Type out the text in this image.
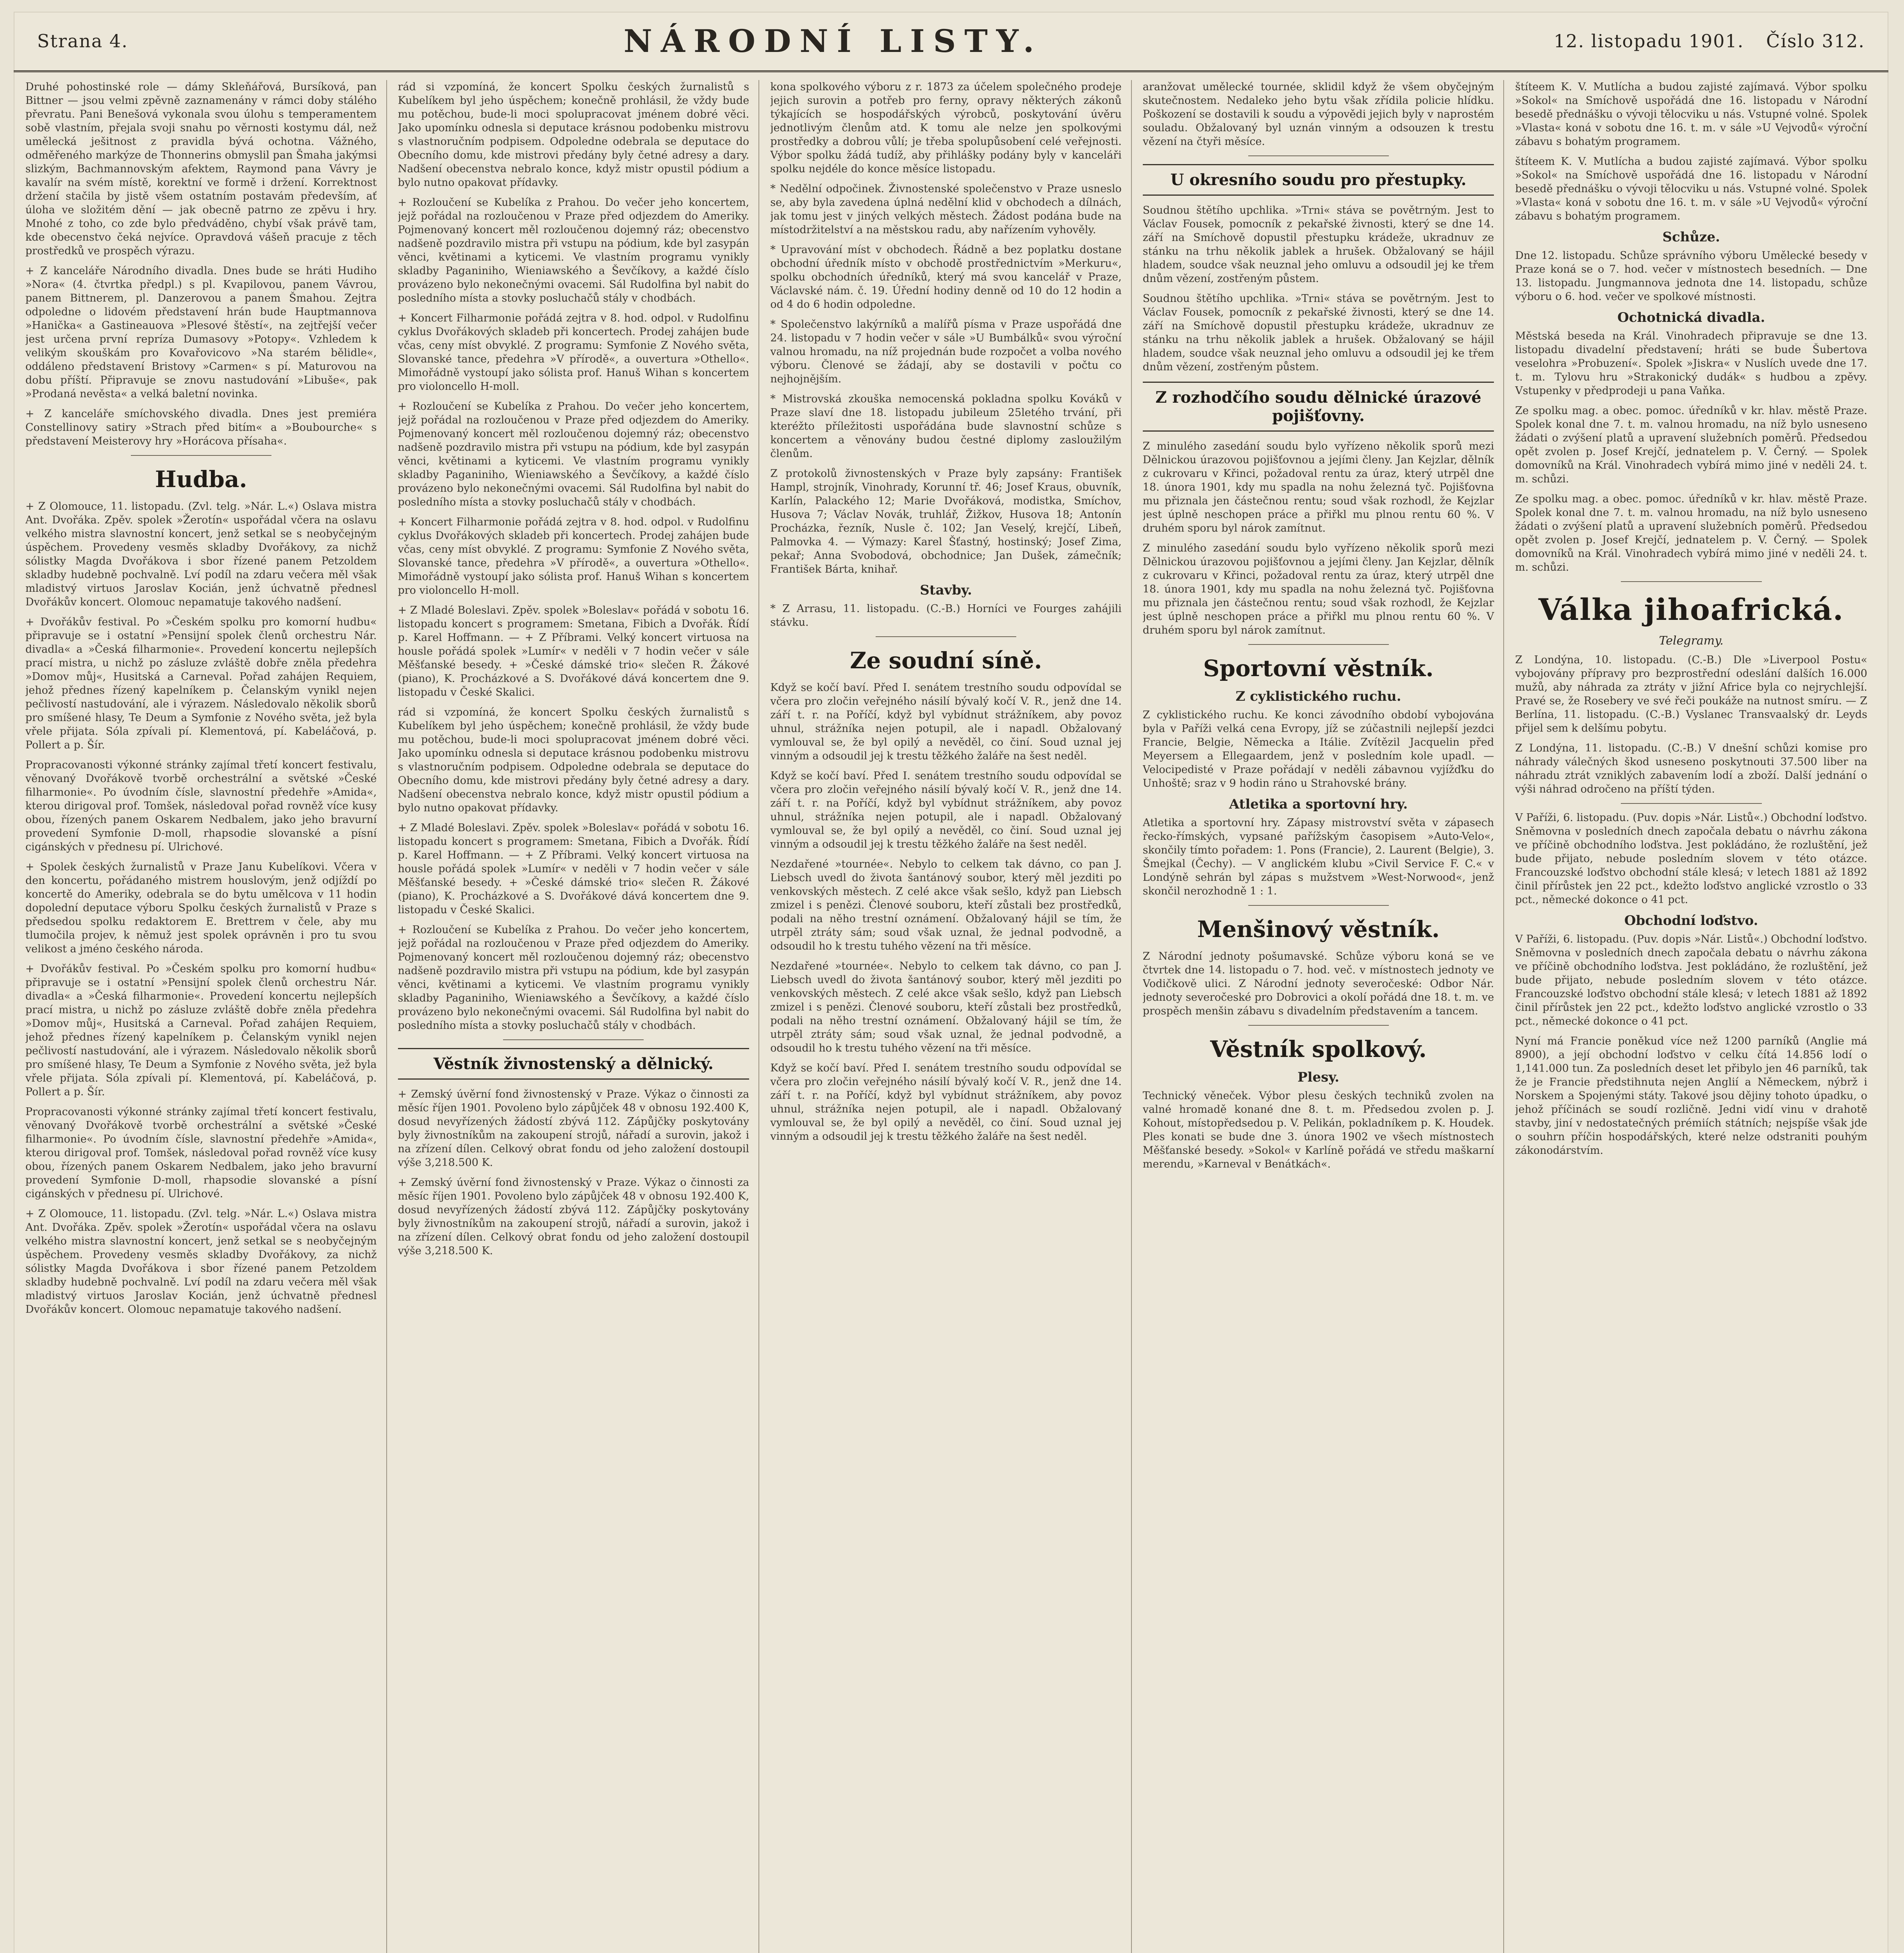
Strana 4.	NÁRODNÍ LISTY.	12. listopadu 1901. Číslo 312.

Druhé pohostinské role — dámy Skleňářová, Bursíková, pan Bittner — jsou velmi zpěvně zaznamenány v rámci doby stálého převratu. Pani Benešová vykonala svou úlohu s temperamentem sobě vlastním, přejala svoji snahu po věrnosti kostymu dál, než umělecká ješitnost z pravidla bývá ochotna. Vážného, odměřeného markýze de Thonnerins obmyslil pan Šmaha jakýmsi slizkým, Bachmannovským afektem, Raymond pana Vávry je kavalír na svém místě, korektní ve formě i držení. Korrektnost držení stačila by jistě všem ostatním postavám především, ať úloha ve složitém dění — jak obecně patrno ze zpěvu i hry. Mnohé z toho, co zde bylo předváděno, chybí však právě tam, kde obecenstvo čeká nejvíce. Opravdová vášeň pracuje z těch prostředků ve prospěch výrazu.

+ Z kanceláře Národního divadla. Dnes bude se hráti Hudiho »Nora« (4. čtvrtka předpl.) s pl. Kvapilovou, panem Vávrou, panem Bittnerem, pl. Danzerovou a panem Šmahou. Zejtra odpoledne o lidovém představení hrán bude Hauptmannova »Hanička« a Gastineauova »Plesové štěstí«, na zejtřejší večer jest určena první repríza Dumasovy »Potopy«. Vzhledem k velikým skouškám pro Kovařovicovo »Na starém bělidle«, oddáleno představení Bristovy »Carmen« s pí. Maturovou na dobu příští. Připravuje se znovu nastudování »Libuše«, pak »Prodaná nevěsta« a velká baletní novinka.

+ Z kanceláře smíchovského divadla. Dnes jest premiéra Constellinovy satiry »Strach před bitím« a »Boubourche« s představení Meisterovy hry »Horácova přísaha«.

Hudba.

+ Z Olomouce, 11. listopadu. (Zvl. telg. »Nár. L.«) Oslava mistra Ant. Dvořáka. Zpěv. spolek »Žerotín« uspořádal včera na oslavu velkého mistra slavnostní koncert, jenž setkal se s neobyčejným úspěchem. Provedeny vesměs skladby Dvořákovy, za nichž sólistky Magda Dvořákova i sbor řízené panem Petzoldem skladby hudebně pochvalně. Lví podíl na zdaru večera měl však mladistvý virtuos Jaroslav Kocián, jenž úchvatně přednesl Dvořákův koncert. Olomouc nepamatuje takového nadšení.

+ Dvořákův festival. Po »Českém spolku pro komorní hudbu« připravuje se i ostatní »Pensijní spolek členů orchestru Nár. divadla« a »Česká filharmonie«. Provedení koncertu nejlepších prací mistra, u nichž po zásluze zvláště dobře zněla předehra »Domov můj«, Husitská a Carneval. Pořad zahájen Requiem, jehož přednes řízený kapelníkem p. Čelanským vynikl nejen pečlivostí nastudování, ale i výrazem. Následovalo několik sborů pro smíšené hlasy, Te Deum a Symfonie z Nového světa, jež byla vřele přijata. Sóla zpívali pí. Klementová, pí. Kabeláčová, p. Pollert a p. Šír.

Propracovanosti výkonné stránky zajímal třetí koncert festivalu, věnovaný Dvořákově tvorbě orchestrální a světské »České filharmonie«. Po úvodním čísle, slavnostní předehře »Amida«, kterou dirigoval prof. Tomšek, následoval pořad rovněž více kusy obou, řízených panem Oskarem Nedbalem, jako jeho bravurní provedení Symfonie D-moll, rhapsodie slovanské a písní cigánských v přednesu pí. Ulrichové.

+ Spolek českých žurnalistů v Praze Janu Kubelíkovi. Včera v den koncertu, pořádaného mistrem houslovým, jenž odjíždí po koncertě do Ameriky, odebrala se do bytu umělcova v 11 hodin dopolední deputace výboru Spolku českých žurnalistů v Praze s předsedou spolku redaktorem E. Brettrem v čele, aby mu tlumočila projev, k němuž jest spolek oprávněn i pro tu svou velikost a jméno českého národa.

+ Dvořákův festival. Po »Českém spolku pro komorní hudbu« připravuje se i ostatní »Pensijní spolek členů orchestru Nár. divadla« a »Česká filharmonie«. Provedení koncertu nejlepších prací mistra, u nichž po zásluze zvláště dobře zněla předehra »Domov můj«, Husitská a Carneval. Pořad zahájen Requiem, jehož přednes řízený kapelníkem p. Čelanským vynikl nejen pečlivostí nastudování, ale i výrazem. Následovalo několik sborů pro smíšené hlasy, Te Deum a Symfonie z Nového světa, jež byla vřele přijata. Sóla zpívali pí. Klementová, pí. Kabeláčová, p. Pollert a p. Šír.

Propracovanosti výkonné stránky zajímal třetí koncert festivalu, věnovaný Dvořákově tvorbě orchestrální a světské »České filharmonie«. Po úvodním čísle, slavnostní předehře »Amida«, kterou dirigoval prof. Tomšek, následoval pořad rovněž více kusy obou, řízených panem Oskarem Nedbalem, jako jeho bravurní provedení Symfonie D-moll, rhapsodie slovanské a písní cigánských v přednesu pí. Ulrichové.

+ Z Olomouce, 11. listopadu. (Zvl. telg. »Nár. L.«) Oslava mistra Ant. Dvořáka. Zpěv. spolek »Žerotín« uspořádal včera na oslavu velkého mistra slavnostní koncert, jenž setkal se s neobyčejným úspěchem. Provedeny vesměs skladby Dvořákovy, za nichž sólistky Magda Dvořákova i sbor řízené panem Petzoldem skladby hudebně pochvalně. Lví podíl na zdaru večera měl však mladistvý virtuos Jaroslav Kocián, jenž úchvatně přednesl Dvořákův koncert. Olomouc nepamatuje takového nadšení.

rád si vzpomíná, že koncert Spolku českých žurnalistů s Kubelíkem byl jeho úspěchem; konečně prohlásil, že vždy bude mu potěchou, bude-li moci spolupracovat jménem dobré věci. Jako upomínku odnesla si deputace krásnou podobenku mistrovu s vlastnoručním podpisem. Odpoledne odebrala se deputace do Obecního domu, kde mistrovi předány byly četné adresy a dary. Nadšení obecenstva nebralo konce, když mistr opustil pódium a bylo nutno opakovat přídavky.

+ Rozloučení se Kubelíka z Prahou. Do večer jeho koncertem, jejž pořádal na rozloučenou v Praze před odjezdem do Ameriky. Pojmenovaný koncert měl rozloučenou dojemný ráz; obecenstvo nadšeně pozdravilo mistra při vstupu na pódium, kde byl zasypán věnci, květinami a kyticemi. Ve vlastním programu vynikly skladby Paganiniho, Wieniawského a Ševčíkovy, a každé číslo provázeno bylo nekonečnými ovacemi. Sál Rudolfina byl nabit do posledního místa a stovky posluchačů stály v chodbách.

+ Koncert Filharmonie pořádá zejtra v 8. hod. odpol. v Rudolfinu cyklus Dvořákových skladeb při koncertech. Prodej zahájen bude včas, ceny míst obvyklé. Z programu: Symfonie Z Nového světa, Slovanské tance, předehra »V přírodě«, a ouvertura »Othello«. Mimořádně vystoupí jako sólista prof. Hanuš Wihan s koncertem pro violoncello H-moll.

+ Rozloučení se Kubelíka z Prahou. Do večer jeho koncertem, jejž pořádal na rozloučenou v Praze před odjezdem do Ameriky. Pojmenovaný koncert měl rozloučenou dojemný ráz; obecenstvo nadšeně pozdravilo mistra při vstupu na pódium, kde byl zasypán věnci, květinami a kyticemi. Ve vlastním programu vynikly skladby Paganiniho, Wieniawského a Ševčíkovy, a každé číslo provázeno bylo nekonečnými ovacemi. Sál Rudolfina byl nabit do posledního místa a stovky posluchačů stály v chodbách.

+ Koncert Filharmonie pořádá zejtra v 8. hod. odpol. v Rudolfinu cyklus Dvořákových skladeb při koncertech. Prodej zahájen bude včas, ceny míst obvyklé. Z programu: Symfonie Z Nového světa, Slovanské tance, předehra »V přírodě«, a ouvertura »Othello«. Mimořádně vystoupí jako sólista prof. Hanuš Wihan s koncertem pro violoncello H-moll.

+ Z Mladé Boleslavi. Zpěv. spolek »Boleslav« pořádá v sobotu 16. listopadu koncert s programem: Smetana, Fibich a Dvořák. Řídí p. Karel Hoffmann. — + Z Příbrami. Velký koncert virtuosa na housle pořádá spolek »Lumír« v neděli v 7 hodin večer v sále Měšťanské besedy. + »České dámské trio« slečen R. Žákové (piano), K. Procházkové a S. Dvořákové dává koncertem dne 9. listopadu v České Skalici.

rád si vzpomíná, že koncert Spolku českých žurnalistů s Kubelíkem byl jeho úspěchem; konečně prohlásil, že vždy bude mu potěchou, bude-li moci spolupracovat jménem dobré věci. Jako upomínku odnesla si deputace krásnou podobenku mistrovu s vlastnoručním podpisem. Odpoledne odebrala se deputace do Obecního domu, kde mistrovi předány byly četné adresy a dary. Nadšení obecenstva nebralo konce, když mistr opustil pódium a bylo nutno opakovat přídavky.

+ Z Mladé Boleslavi. Zpěv. spolek »Boleslav« pořádá v sobotu 16. listopadu koncert s programem: Smetana, Fibich a Dvořák. Řídí p. Karel Hoffmann. — + Z Příbrami. Velký koncert virtuosa na housle pořádá spolek »Lumír« v neděli v 7 hodin večer v sále Měšťanské besedy. + »České dámské trio« slečen R. Žákové (piano), K. Procházkové a S. Dvořákové dává koncertem dne 9. listopadu v České Skalici.

+ Rozloučení se Kubelíka z Prahou. Do večer jeho koncertem, jejž pořádal na rozloučenou v Praze před odjezdem do Ameriky. Pojmenovaný koncert měl rozloučenou dojemný ráz; obecenstvo nadšeně pozdravilo mistra při vstupu na pódium, kde byl zasypán věnci, květinami a kyticemi. Ve vlastním programu vynikly skladby Paganiniho, Wieniawského a Ševčíkovy, a každé číslo provázeno bylo nekonečnými ovacemi. Sál Rudolfina byl nabit do posledního místa a stovky posluchačů stály v chodbách.

Věstník živnostenský a dělnický.

+ Zemský úvěrní fond živnostenský v Praze. Výkaz o činnosti za měsíc říjen 1901. Povoleno bylo zápůjček 48 v obnosu 192.400 K, dosud nevyřízených žádostí zbývá 112. Zápůjčky poskytovány byly živnostníkům na zakoupení strojů, nářadí a surovin, jakož i na zřízení dílen. Celkový obrat fondu od jeho založení dostoupil výše 3,218.500 K.

+ Zemský úvěrní fond živnostenský v Praze. Výkaz o činnosti za měsíc říjen 1901. Povoleno bylo zápůjček 48 v obnosu 192.400 K, dosud nevyřízených žádostí zbývá 112. Zápůjčky poskytovány byly živnostníkům na zakoupení strojů, nářadí a surovin, jakož i na zřízení dílen. Celkový obrat fondu od jeho založení dostoupil výše 3,218.500 K.

kona spolkového výboru z r. 1873 za účelem společného prodeje jejich surovin a potřeb pro ferny, opravy některých zákonů týkajících se hospodářských výrobců, poskytování úvěru jednotlivým členům atd. K tomu ale nelze jen spolkovými prostředky a dobrou vůlí; je třeba spolupůsobení celé veřejnosti. Výbor spolku žádá tudíž, aby přihlášky podány byly v kanceláři spolku nejdéle do konce měsíce listopadu.

* Nedělní odpočinek. Živnostenské společenstvo v Praze usneslo se, aby byla zavedena úplná nedělní klid v obchodech a dílnách, jak tomu jest v jiných velkých městech. Žádost podána bude na místodržitelství a na městskou radu, aby nařízením vyhověly.

* Upravování míst v obchodech. Řádně a bez poplatku dostane obchodní úředník místo v obchodě prostřednictvím »Merkuru«, spolku obchodních úředníků, který má svou kancelář v Praze, Václavské nám. č. 19. Úřední hodiny denně od 10 do 12 hodin a od 4 do 6 hodin odpoledne.

* Společenstvo lakýrníků a malířů písma v Praze uspořádá dne 24. listopadu v 7 hodin večer v sále »U Bumbálků« svou výroční valnou hromadu, na níž projednán bude rozpočet a volba nového výboru. Členové se žádají, aby se dostavili v počtu co nejhojnějším.

* Mistrovská zkouška nemocenská pokladna spolku Kováků v Praze slaví dne 18. listopadu jubileum 25letého trvání, při kteréžto příležitosti uspořádána bude slavnostní schůze s koncertem a věnovány budou čestné diplomy zasloužilým členům.

Z protokolů živnostenských v Praze byly zapsány: František Hampl, strojník, Vinohrady, Korunní tř. 46; Josef Kraus, obuvník, Karlín, Palackého 12; Marie Dvořáková, modistka, Smíchov, Husova 7; Václav Novák, truhlář, Žižkov, Husova 18; Antonín Procházka, řezník, Nusle č. 102; Jan Veselý, krejčí, Libeň, Palmovka 4. — Výmazy: Karel Šťastný, hostinský; Josef Zima, pekař; Anna Svobodová, obchodnice; Jan Dušek, zámečník; František Bárta, knihař.

Stavby.

* Z Arrasu, 11. listopadu. (C.-B.) Horníci ve Fourges zahájili stávku.

Ze soudní síně.

Když se kočí baví. Před I. senátem trestního soudu odpovídal se včera pro zločin veřejného násilí bývalý kočí V. R., jenž dne 14. září t. r. na Poříčí, když byl vybídnut strážníkem, aby povoz uhnul, strážníka nejen potupil, ale i napadl. Obžalovaný vymlouval se, že byl opilý a nevěděl, co činí. Soud uznal jej vinným a odsoudil jej k trestu těžkého žaláře na šest neděl.

Když se kočí baví. Před I. senátem trestního soudu odpovídal se včera pro zločin veřejného násilí bývalý kočí V. R., jenž dne 14. září t. r. na Poříčí, když byl vybídnut strážníkem, aby povoz uhnul, strážníka nejen potupil, ale i napadl. Obžalovaný vymlouval se, že byl opilý a nevěděl, co činí. Soud uznal jej vinným a odsoudil jej k trestu těžkého žaláře na šest neděl.

Nezdařené »tournée«. Nebylo to celkem tak dávno, co pan J. Liebsch uvedl do života šantánový soubor, který měl jezditi po venkovských městech. Z celé akce však sešlo, když pan Liebsch zmizel i s penězi. Členové souboru, kteří zůstali bez prostředků, podali na něho trestní oznámení. Obžalovaný hájil se tím, že utrpěl ztráty sám; soud však uznal, že jednal podvodně, a odsoudil ho k trestu tuhého vězení na tři měsíce.

Nezdařené »tournée«. Nebylo to celkem tak dávno, co pan J. Liebsch uvedl do života šantánový soubor, který měl jezditi po venkovských městech. Z celé akce však sešlo, když pan Liebsch zmizel i s penězi. Členové souboru, kteří zůstali bez prostředků, podali na něho trestní oznámení. Obžalovaný hájil se tím, že utrpěl ztráty sám; soud však uznal, že jednal podvodně, a odsoudil ho k trestu tuhého vězení na tři měsíce.

Když se kočí baví. Před I. senátem trestního soudu odpovídal se včera pro zločin veřejného násilí bývalý kočí V. R., jenž dne 14. září t. r. na Poříčí, když byl vybídnut strážníkem, aby povoz uhnul, strážníka nejen potupil, ale i napadl. Obžalovaný vymlouval se, že byl opilý a nevěděl, co činí. Soud uznal jej vinným a odsoudil jej k trestu těžkého žaláře na šest neděl.

aranžovat umělecké tournée, sklidil když že všem obyčejným skutečnostem. Nedaleko jeho bytu však zřídila policie hlídku. Poškození se dostavili k soudu a výpovědi jejich byly v naprostém souladu. Obžalovaný byl uznán vinným a odsouzen k trestu vězení na čtyři měsíce.

U okresního soudu pro přestupky.

Soudnou štětího upchlika. »Trni« stáva se povětrným. Jest to Václav Fousek, pomocník z pekařské živnosti, který se dne 14. září na Smíchově dopustil přestupku krádeže, ukradnuv ze stánku na trhu několik jablek a hrušek. Obžalovaný se hájil hladem, soudce však neuznal jeho omluvu a odsoudil jej ke třem dnům vězení, zostřeným půstem.

Soudnou štětího upchlika. »Trni« stáva se povětrným. Jest to Václav Fousek, pomocník z pekařské živnosti, který se dne 14. září na Smíchově dopustil přestupku krádeže, ukradnuv ze stánku na trhu několik jablek a hrušek. Obžalovaný se hájil hladem, soudce však neuznal jeho omluvu a odsoudil jej ke třem dnům vězení, zostřeným půstem.

Z rozhodčího soudu dělnické úrazové pojišťovny.

Z minulého zasedání soudu bylo vyřízeno několik sporů mezi Dělnickou úrazovou pojišťovnou a jejími členy. Jan Kejzlar, dělník z cukrovaru v Křinci, požadoval rentu za úraz, který utrpěl dne 18. února 1901, kdy mu spadla na nohu železná tyč. Pojišťovna mu přiznala jen částečnou rentu; soud však rozhodl, že Kejzlar jest úplně neschopen práce a přiřkl mu plnou rentu 60 %. V druhém sporu byl nárok zamítnut.

Z minulého zasedání soudu bylo vyřízeno několik sporů mezi Dělnickou úrazovou pojišťovnou a jejími členy. Jan Kejzlar, dělník z cukrovaru v Křinci, požadoval rentu za úraz, který utrpěl dne 18. února 1901, kdy mu spadla na nohu železná tyč. Pojišťovna mu přiznala jen částečnou rentu; soud však rozhodl, že Kejzlar jest úplně neschopen práce a přiřkl mu plnou rentu 60 %. V druhém sporu byl nárok zamítnut.

Sportovní věstník.
Z cyklistického ruchu.

Z cyklistického ruchu. Ke konci závodního období vybojována byla v Paříži velká cena Evropy, jíž se zúčastnili nejlepší jezdci Francie, Belgie, Německa a Itálie. Zvítězil Jacquelin před Meyersem a Ellegaardem, jenž v posledním kole upadl. — Velocipedisté v Praze pořádají v neděli zábavnou vyjížďku do Unhoště; sraz v 9 hodin ráno u Strahovské brány.

Atletika a sportovní hry.

Atletika a sportovní hry. Zápasy mistrovství světa v zápasech řecko-římských, vypsané pařížským časopisem »Auto-Velo«, skončily tímto pořadem: 1. Pons (Francie), 2. Laurent (Belgie), 3. Šmejkal (Čechy). — V anglickém klubu »Civil Service F. C.« v Londýně sehrán byl zápas s mužstvem »West-Norwood«, jenž skončil nerozhodně 1 : 1.

Menšinový věstník.

Z Národní jednoty pošumavské. Schůze výboru koná se ve čtvrtek dne 14. listopadu o 7. hod. več. v místnostech jednoty ve Vodičkově ulici. Z Národní jednoty severočeské: Odbor Nár. jednoty severočeské pro Dobrovici a okolí pořádá dne 18. t. m. ve prospěch menšin zábavu s divadelním představením a tancem.

Věstník spolkový.
Plesy.

Technický věneček. Výbor plesu českých techniků zvolen na valné hromadě konané dne 8. t. m. Předsedou zvolen p. J. Kohout, místopředsedou p. V. Pelikán, pokladníkem p. K. Houdek. Ples konati se bude dne 3. února 1902 ve všech místnostech Měšťanské besedy. »Sokol« v Karlíně pořádá ve středu maškarní merendu, »Karneval v Benátkách«.

štíteem K. V. Mutlícha a budou zajisté zajímavá. Výbor spolku »Sokol« na Smíchově uspořádá dne 16. listopadu v Národní besedě přednášku o vývoji tělocviku u nás. Vstupné volné. Spolek »Vlasta« koná v sobotu dne 16. t. m. v sále »U Vejvodů« výroční zábavu s bohatým programem.

štíteem K. V. Mutlícha a budou zajisté zajímavá. Výbor spolku »Sokol« na Smíchově uspořádá dne 16. listopadu v Národní besedě přednášku o vývoji tělocviku u nás. Vstupné volné. Spolek »Vlasta« koná v sobotu dne 16. t. m. v sále »U Vejvodů« výroční zábavu s bohatým programem.

Schůze.

Dne 12. listopadu. Schůze správního výboru Umělecké besedy v Praze koná se o 7. hod. večer v místnostech besedních. — Dne 13. listopadu. Jungmannova jednota dne 14. listopadu, schůze výboru o 6. hod. večer ve spolkové místnosti.

Ochotnická divadla.

Městská beseda na Král. Vinohradech připravuje se dne 13. listopadu divadelní představení; hráti se bude Šubertova veselohra »Probuzení«. Spolek »Jiskra« v Nuslích uvede dne 17. t. m. Tylovu hru »Strakonický dudák« s hudbou a zpěvy. Vstupenky v předprodeji u pana Vaňka.

Ze spolku mag. a obec. pomoc. úředníků v kr. hlav. městě Praze. Spolek konal dne 7. t. m. valnou hromadu, na níž bylo usneseno žádati o zvýšení platů a upravení služebních poměrů. Předsedou opět zvolen p. Josef Krejčí, jednatelem p. V. Černý. — Spolek domovníků na Král. Vinohradech vybírá mimo jiné v neděli 24. t. m. schůzi.

Ze spolku mag. a obec. pomoc. úředníků v kr. hlav. městě Praze. Spolek konal dne 7. t. m. valnou hromadu, na níž bylo usneseno žádati o zvýšení platů a upravení služebních poměrů. Předsedou opět zvolen p. Josef Krejčí, jednatelem p. V. Černý. — Spolek domovníků na Král. Vinohradech vybírá mimo jiné v neděli 24. t. m. schůzi.

Válka jihoafrická.
Telegramy.

Z Londýna, 10. listopadu. (C.-B.) Dle »Liverpool Postu« vybojovány přípravy pro bezprostřední odeslání dalších 16.000 mužů, aby náhrada za ztráty v jižní Africe byla co nejrychlejší. Pravé se, že Rosebery ve své řeči poukáže na nutnost smíru. — Z Berlína, 11. listopadu. (C.-B.) Vyslanec Transvaalský dr. Leyds přijel sem k delšímu pobytu.

Z Londýna, 11. listopadu. (C.-B.) V dnešní schůzi komise pro náhrady válečných škod usneseno poskytnouti 37.500 liber na náhradu ztrát vzniklých zabavením lodí a zboží. Další jednání o výši náhrad odročeno na příští týden.

V Paříži, 6. listopadu. (Puv. dopis »Nár. Listů«.) Obchodní loďstvo. Sněmovna v posledních dnech započala debatu o návrhu zákona ve příčině obchodního loďstva. Jest pokládáno, že rozluštění, jež bude přijato, nebude posledním slovem v této otázce. Francouzské loďstvo obchodní stále klesá; v letech 1881 až 1892 činil přírůstek jen 22 pct., kdežto loďstvo anglické vzrostlo o 33 pct., německé dokonce o 41 pct.

Obchodní loďstvo.

V Paříži, 6. listopadu. (Puv. dopis »Nár. Listů«.) Obchodní loďstvo. Sněmovna v posledních dnech započala debatu o návrhu zákona ve příčině obchodního loďstva. Jest pokládáno, že rozluštění, jež bude přijato, nebude posledním slovem v této otázce. Francouzské loďstvo obchodní stále klesá; v letech 1881 až 1892 činil přírůstek jen 22 pct., kdežto loďstvo anglické vzrostlo o 33 pct., německé dokonce o 41 pct.

Nyní má Francie poněkud více než 1200 parníků (Anglie má 8900), a její obchodní loďstvo v celku čítá 14.856 lodí o 1,141.000 tun. Za posledních deset let přibylo jen 46 parníků, tak že je Francie předstihnuta nejen Anglií a Německem, nýbrž i Norskem a Spojenými státy. Takové jsou dějiny tohoto úpadku, o jehož příčinách se soudí rozličně. Jedni vidí vinu v drahotě stavby, jiní v nedostatečných prémiích státních; nejspíše však jde o souhrn příčin hospodářských, které nelze odstraniti pouhým zákonodárstvím.
